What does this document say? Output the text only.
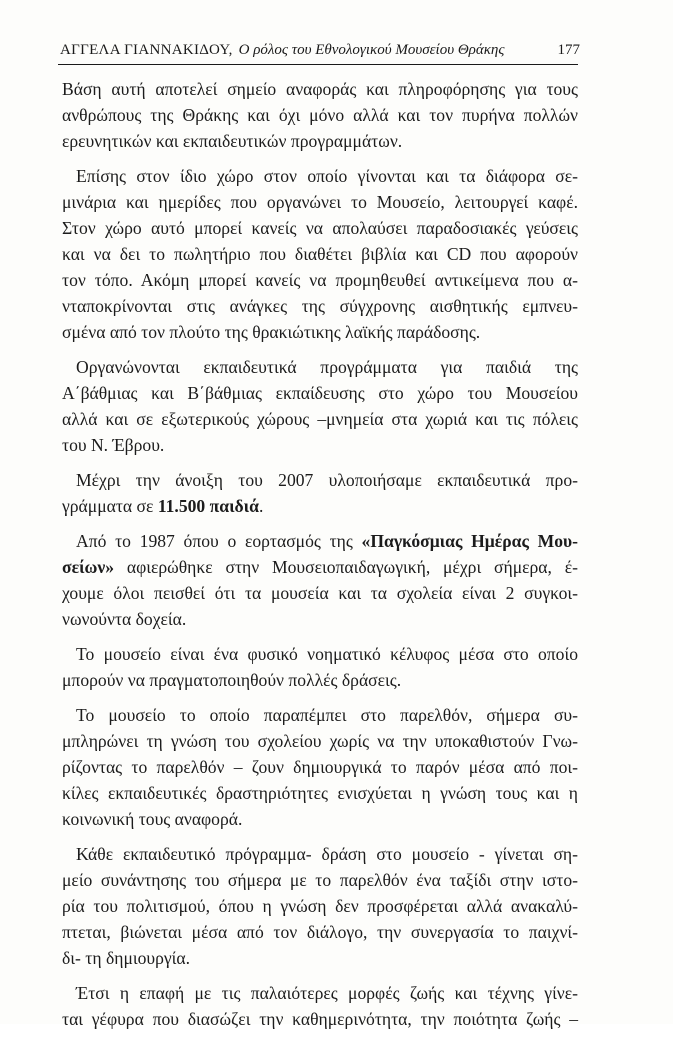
ΑΓΓΕΛΑ ΓΙΑΝΝΑΚΙΔΟΥ, Ο ρόλος του Εθνολογικού Μουσείου Θράκης	177

Βάση αυτή αποτελεί σημείο αναφοράς και πληροφόρησης για τους
ανθρώπους της Θράκης και όχι μόνο αλλά και τον πυρήνα πολλών
ερευνητικών και εκπαιδευτικών προγραμμάτων.

Επίσης στον ίδιο χώρο στον οποίο γίνονται και τα διάφορα σε-
μινάρια και ημερίδες που οργανώνει το Μουσείο, λειτουργεί καφέ.
Στον χώρο αυτό μπορεί κανείς να απολαύσει παραδοσιακές γεύσεις
και να δει το πωλητήριο που διαθέτει βιβλία και CD που αφορούν
τον τόπο. Ακόμη μπορεί κανείς να προμηθευθεί αντικείμενα που α-
νταποκρίνονται στις ανάγκες της σύγχρονης αισθητικής εμπνευ-
σμένα από τον πλούτο της θρακιώτικης λαϊκής παράδοσης.

Οργανώνονται εκπαιδευτικά προγράμματα για παιδιά της
Α΄βάθμιας και Β΄βάθμιας εκπαίδευσης στο χώρο του Μουσείου
αλλά και σε εξωτερικούς χώρους –μνημεία στα χωριά και τις πόλεις
του Ν. Έβρου.

Μέχρι την άνοιξη του 2007 υλοποιήσαμε εκπαιδευτικά προ-
γράμματα σε 11.500 παιδιά.

Από το 1987 όπου ο εορτασμός της «Παγκόσμιας Ημέρας Μου-
σείων» αφιερώθηκε στην Μουσειοπαιδαγωγική, μέχρι σήμερα, έ-
χουμε όλοι πεισθεί ότι τα μουσεία και τα σχολεία είναι 2 συγκοι-
νωνούντα δοχεία.

Το μουσείο είναι ένα φυσικό νοηματικό κέλυφος μέσα στο οποίο
μπορούν να πραγματοποιηθούν πολλές δράσεις.

Το μουσείο το οποίο παραπέμπει στο παρελθόν, σήμερα συ-
μπληρώνει τη γνώση του σχολείου χωρίς να την υποκαθιστούν Γνω-
ρίζοντας το παρελθόν – ζουν δημιουργικά το παρόν μέσα από ποι-
κίλες εκπαιδευτικές δραστηριότητες ενισχύεται η γνώση τους και η
κοινωνική τους αναφορά.

Κάθε εκπαιδευτικό πρόγραμμα- δράση στο μουσείο - γίνεται ση-
μείο συνάντησης του σήμερα με το παρελθόν ένα ταξίδι στην ιστο-
ρία του πολιτισμού, όπου η γνώση δεν προσφέρεται αλλά ανακαλύ-
πτεται, βιώνεται μέσα από τον διάλογο, την συνεργασία το παιχνί-
δι- τη δημιουργία.

Έτσι η επαφή με τις παλαιότερες μορφές ζωής και τέχνης γίνε-
ται γέφυρα που διασώζει την καθημερινότητα, την ποιότητα ζωής –
